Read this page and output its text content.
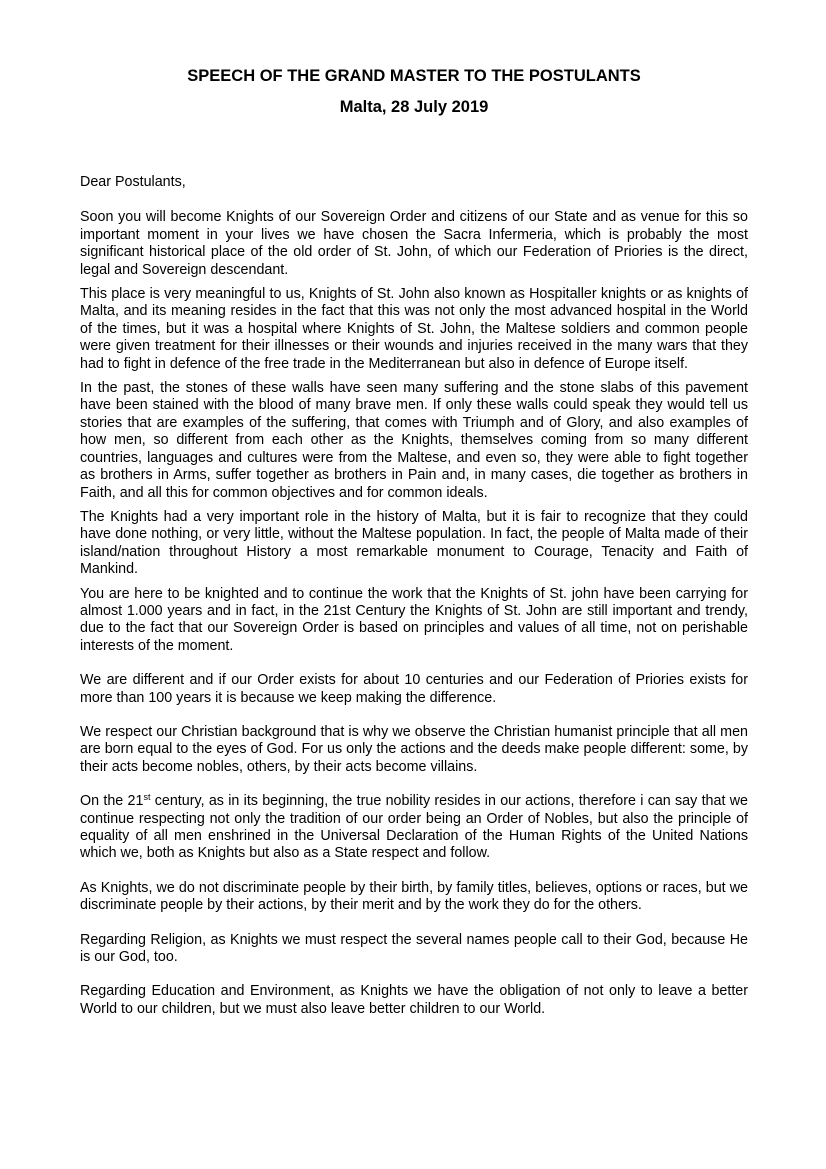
SPEECH OF THE GRAND MASTER TO THE POSTULANTS
Malta, 28 July 2019

Dear Postulants,

Soon you will become Knights of our Sovereign Order and citizens of our State and as venue for this so important moment in your lives we have chosen the Sacra Infermeria, which is probably the most significant historical place of the old order of St. John, of which our Federation of Priories is the direct, legal and Sovereign descendant.

This place is very meaningful to us, Knights of St. John also known as Hospitaller knights or as knights of Malta, and its meaning resides in the fact that this was not only the most advanced hospital in the World of the times, but it was a hospital where Knights of St. John, the Maltese soldiers and common people were given treatment for their illnesses or their wounds and injuries received in the many wars that they had to fight in defence of the free trade in the Mediterranean but also in defence of Europe itself.

In the past, the stones of these walls have seen many suffering and the stone slabs of this pavement have been stained with the blood of many brave men. If only these walls could speak they would tell us stories that are examples of the suffering, that comes with Triumph and of Glory, and also examples of how men, so different from each other as the Knights, themselves coming from so many different countries, languages and cultures were from the Maltese, and even so, they were able to fight together as brothers in Arms, suffer together as brothers in Pain and, in many cases, die together as brothers in Faith, and all this for common objectives and for common ideals.

The Knights had a very important role in the history of Malta, but it is fair to recognize that they could have done nothing, or very little, without the Maltese population. In fact, the people of Malta made of their island/nation throughout History a most remarkable monument to Courage, Tenacity and Faith of Mankind.

You are here to be knighted and to continue the work that the Knights of St. john have been carrying for almost 1.000 years and in fact, in the 21st Century the Knights of St. John are still important and trendy, due to the fact that our Sovereign Order is based on principles and values of all time, not on perishable interests of the moment.

We are different and if our Order exists for about 10 centuries and our Federation of Priories exists for more than 100 years it is because we keep making the difference.

We respect our Christian background that is why we observe the Christian humanist principle that all men are born equal to the eyes of God. For us only the actions and the deeds make people different: some, by their acts become nobles, others, by their acts become villains.

On the 21st century, as in its beginning, the true nobility resides in our actions, therefore i can say that we continue respecting not only the tradition of our order being an Order of Nobles, but also the principle of equality of all men enshrined in the Universal Declaration of the Human Rights of the United Nations which we, both as Knights but also as a State respect and follow.

As Knights, we do not discriminate people by their birth, by family titles, believes, options or races, but we discriminate people by their actions, by their merit and by the work they do for the others.

Regarding Religion, as Knights we must respect the several names people call to their God, because He is our God, too.

Regarding Education and Environment, as Knights we have the obligation of not only to leave a better World to our children, but we must also leave better children to our World.
